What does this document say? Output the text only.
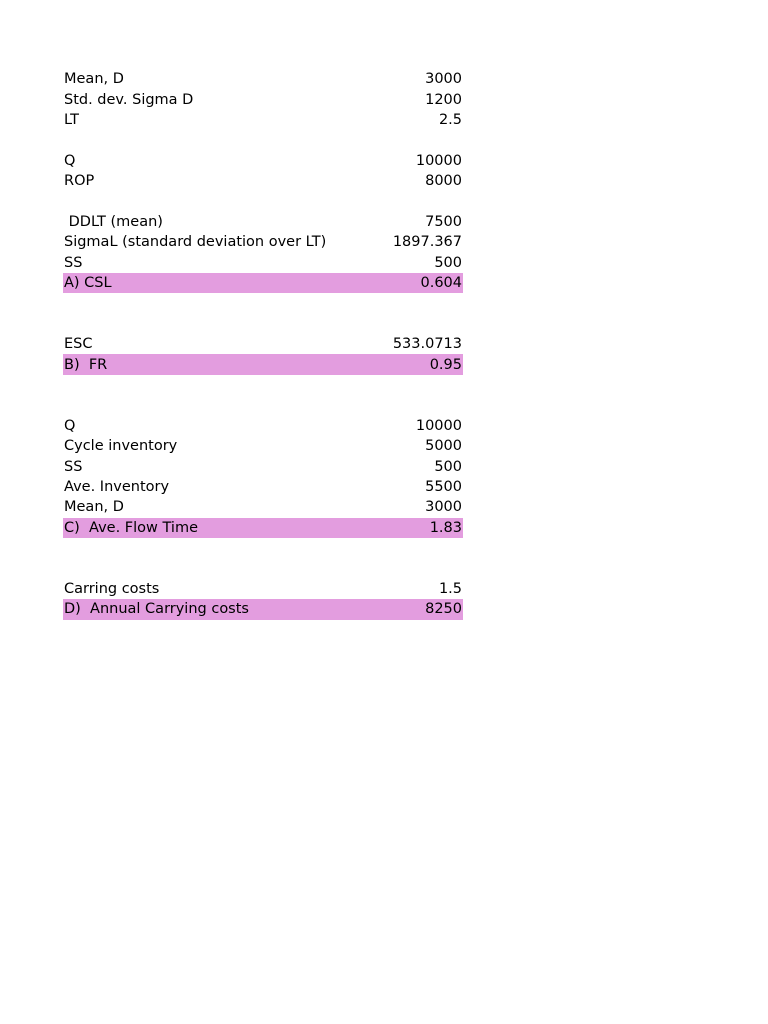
Mean, D	3000
Std. dev. Sigma D	1200
LT	2.5
Q	10000
ROP	8000
DDLT (mean)	7500
SigmaL (standard deviation over LT)	1897.367
SS	500
A) CSL	0.604
ESC	533.0713
B)  FR	0.95
Q	10000
Cycle inventory	5000
SS	500
Ave. Inventory	5500
Mean, D	3000
C)  Ave. Flow Time	1.83
Carring costs	1.5
D)  Annual Carrying costs	8250
